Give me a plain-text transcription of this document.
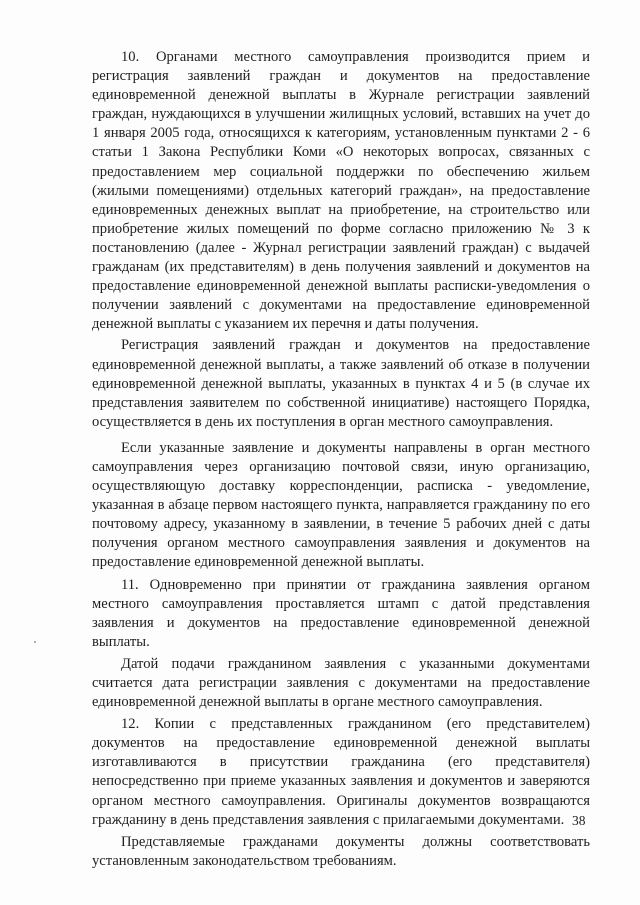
10. Органами местного самоуправления производится прием и регистрация заявлений граждан и документов на предоставление единовременной денежной выплаты в Журнале регистрации заявлений граждан, нуждающихся в улучшении жилищных условий, вставших на учет до 1 января 2005 года, относящихся к категориям, установленным пунктами 2 - 6 статьи 1 Закона Республики Коми «О некоторых вопросах, связанных с предоставлением мер социальной поддержки по обеспечению жильем (жилыми помещениями) отдельных категорий граждан», на предоставление единовременных денежных выплат на приобретение, на строительство или приобретение жилых помещений по форме согласно приложению № 3 к постановлению (далее - Журнал регистрации заявлений граждан) с выдачей гражданам (их представителям) в день получения заявлений и документов на предоставление единовременной денежной выплаты расписки-уведомления о получении заявлений с документами на предоставление единовременной денежной выплаты с указанием их перечня и даты получения.

Регистрация заявлений граждан и документов на предоставление единовременной денежной выплаты, а также заявлений об отказе в получении единовременной денежной выплаты, указанных в пунктах 4 и 5 (в случае их представления заявителем по собственной инициативе) настоящего Порядка, осуществляется в день их поступления в орган местного самоуправления.

Если указанные заявление и документы направлены в орган местного самоуправления через организацию почтовой связи, иную организацию, осуществляющую доставку корреспонденции, расписка - уведомление, указанная в абзаце первом настоящего пункта, направляется гражданину по его почтовому адресу, указанному в заявлении, в течение 5 рабочих дней с даты получения органом местного самоуправления заявления и документов на предоставление единовременной денежной выплаты.

11. Одновременно при принятии от гражданина заявления органом местного самоуправления проставляется штамп с датой представления заявления и документов на предоставление единовременной денежной выплаты.

Датой подачи гражданином заявления с указанными документами считается дата регистрации заявления с документами на предоставление единовременной денежной выплаты в органе местного самоуправления.

12. Копии с представленных гражданином (его представителем) документов на предоставление единовременной денежной выплаты изготавливаются в присутствии гражданина (его представителя) непосредственно при приеме указанных заявления и документов и заверяются органом местного самоуправления. Оригиналы документов возвращаются гражданину в день представления заявления с прилагаемыми документами.

Представляемые гражданами документы должны соответствовать установленным законодательством требованиям.

38
